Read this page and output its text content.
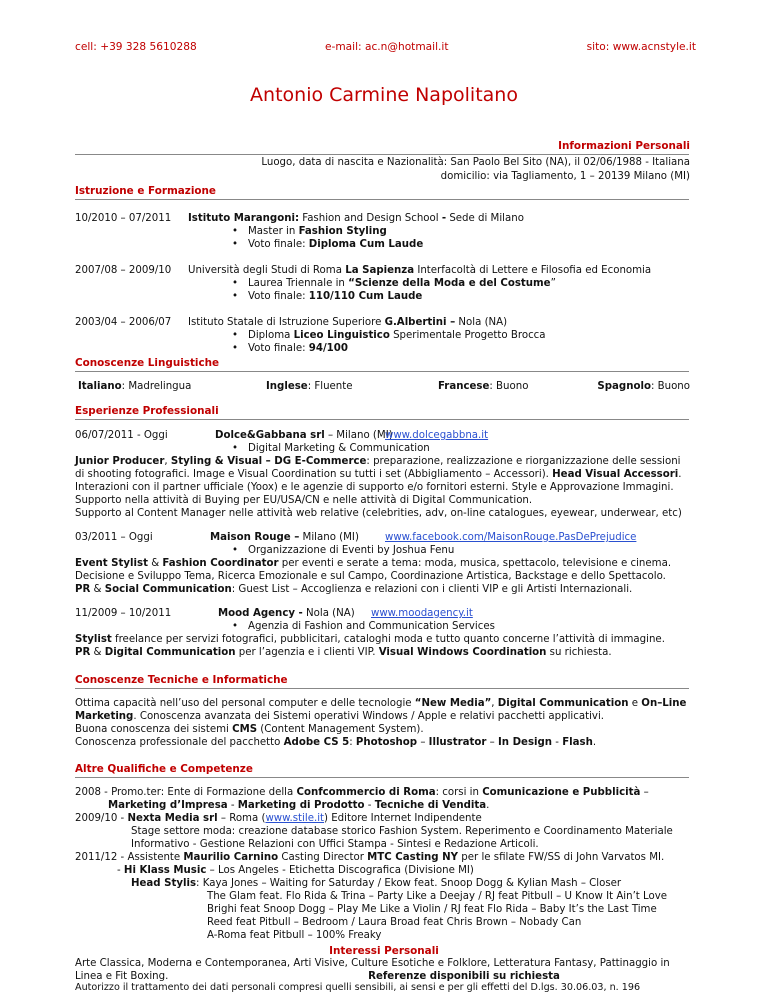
cell: +39 328 5610288	e-mail: ac.n@hotmail.it	sito: www.acnstyle.it
Antonio Carmine Napolitano
Informazioni Personali
Luogo, data di nascita e Nazionalità: San Paolo Bel Sito (NA), il 02/06/1988 - Italiana
domicilio: via Tagliamento, 1 – 20139 Milano (MI)
Istruzione e Formazione
10/2010 – 07/2011 Istituto Marangoni: Fashion and Design School - Sede di Milano
• Master in Fashion Styling
• Voto finale: Diploma Cum Laude
2007/08 – 2009/10 Università degli Studi di Roma La Sapienza Interfacoltà di Lettere e Filosofia ed Economia
• Laurea Triennale in “Scienze della Moda e del Costume”
• Voto finale: 110/110 Cum Laude
2003/04 – 2006/07 Istituto Statale di Istruzione Superiore G.Albertini – Nola (NA)
• Diploma Liceo Linguistico Sperimentale Progetto Brocca
• Voto finale: 94/100
Conoscenze Linguistiche
Italiano: Madrelingua	Inglese: Fluente	Francese: Buono	Spagnolo: Buono
Esperienze Professionali
06/07/2011 - Oggi	Dolce&Gabbana srl – Milano (MI)
www.dolcegabbna.it
• Digital Marketing & Communication
Junior Producer, Styling & Visual – DG E-Commerce: preparazione, realizzazione e riorganizzazione delle sessioni
di shooting fotografici. Image e Visual Coordination su tutti i set (Abbigliamento – Accessori). Head Visual Accessori.
Interazioni con il partner ufficiale (Yoox) e le agenzie di supporto e/o fornitori esterni. Style e Approvazione Immagini.
Supporto nella attività di Buying per EU/USA/CN e nelle attività di Digital Communication.
Supporto al Content Manager nelle attività web relative (celebrities, adv, on-line catalogues, eyewear, underwear, etc)
03/2011 – Oggi	Maison Rouge – Milano (MI)	www.facebook.com/MaisonRouge.PasDePrejudice
• Organizzazione di Eventi by Joshua Fenu
Event Stylist & Fashion Coordinator per eventi e serate a tema: moda, musica, spettacolo, televisione e cinema.
Decisione e Sviluppo Tema, Ricerca Emozionale e sul Campo, Coordinazione Artistica, Backstage e dello Spettacolo.
PR & Social Communication: Guest List – Accoglienza e relazioni con i clienti VIP e gli Artisti Internazionali.
11/2009 – 10/2011	Mood Agency - Nola (NA) www.moodagency.it
• Agenzia di Fashion and Communication Services
Stylist freelance per servizi fotografici, pubblicitari, cataloghi moda e tutto quanto concerne l’attività di immagine.
PR & Digital Communication per l’agenzia e i clienti VIP. Visual Windows Coordination su richiesta.
Conoscenze Tecniche e Informatiche
Ottima capacità nell’uso del personal computer e delle tecnologie “New Media”, Digital Communication e On–Line
Marketing. Conoscenza avanzata dei Sistemi operativi Windows / Apple e relativi pacchetti applicativi.
Buona conoscenza dei sistemi CMS (Content Management System).
Conoscenza professionale del pacchetto Adobe CS 5: Photoshop – Illustrator – In Design - Flash.
Altre Qualifiche e Competenze
2008 - Promo.ter: Ente di Formazione della Confcommercio di Roma: corsi in Comunicazione e Pubblicità –
Marketing d’Impresa - Marketing di Prodotto - Tecniche di Vendita.
2009/10 - Nexta Media srl – Roma (www.stile.it) Editore Internet Indipendente
Stage settore moda: creazione database storico Fashion System. Reperimento e Coordinamento Materiale
Informativo - Gestione Relazioni con Uffici Stampa - Sintesi e Redazione Articoli.
2011/12 - Assistente Maurilio Carnino Casting Director MTC Casting NY per le sfilate FW/SS di John Varvatos MI.
- Hi Klass Music – Los Angeles - Etichetta Discografica (Divisione MI)
Head Stylis: Kaya Jones – Waiting for Saturday / Ekow feat. Snoop Dogg & Kylian Mash – Closer
The Glam feat. Flo Rida & Trina – Party Like a Deejay / RJ feat Pitbull – U Know It Ain’t Love
Brighi feat Snoop Dogg – Play Me Like a Violin / RJ feat Flo Rida – Baby It’s the Last Time
Reed feat Pitbull – Bedroom / Laura Broad feat Chris Brown – Nobady Can
A-Roma feat Pitbull – 100% Freaky
Interessi Personali
Arte Classica, Moderna e Contemporanea, Arti Visive, Culture Esotiche e Folklore, Letteratura Fantasy, Pattinaggio in
Linea e Fit Boxing.	Referenze disponibili su richiesta
Autorizzo il trattamento dei dati personali compresi quelli sensibili, ai sensi e per gli effetti del D.lgs. 30.06.03, n. 196
